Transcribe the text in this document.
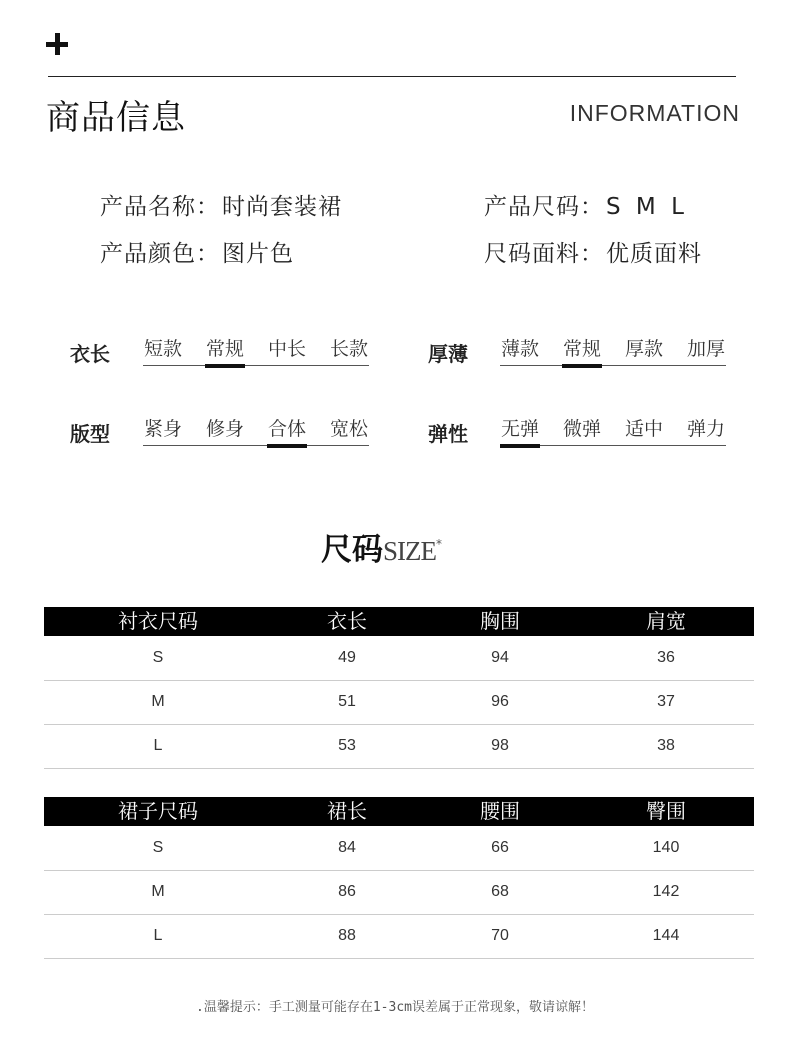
商品信息	INFORMATION
产品名称：时尚套装裙	产品尺码：S M L
产品颜色：图片色	尺码面料：优质面料
衣长 短款 常规 中长 长款	厚薄 薄款 常规 厚款 加厚
版型 紧身 修身 合体 宽松	弹性 无弹 微弹 适中 弹力
尺码 SIZE *
衬衣尺码	衣长	胸围	肩宽
S	49	94	36
M	51	96	37
L	53	98	38
裙子尺码	裙长	腰围	臀围
S	84	66	140
M	86	68	142
L	88	70	144
.温馨提示：手工测量可能存在1-3cm误差属于正常现象，敬请谅解！
